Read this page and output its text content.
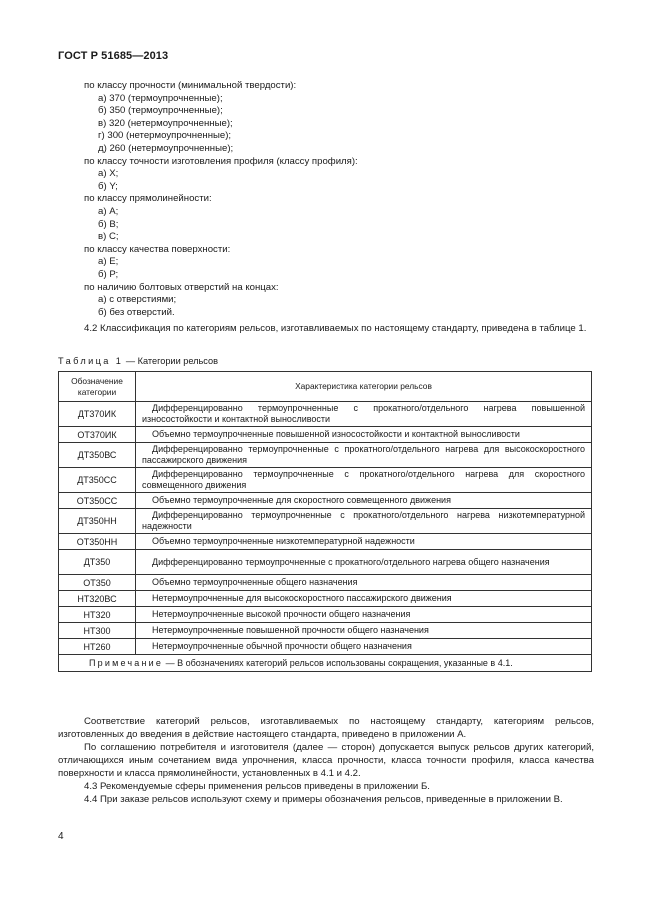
ГОСТ Р 51685—2013
по классу прочности (минимальной твердости):
а) 370 (термоупрочненные);
б) 350 (термоупрочненные);
в) 320 (нетермоупрочненные);
г) 300 (нетермоупрочненные);
д) 260 (нетермоупрочненные);
по классу точности изготовления профиля (классу профиля):
а) X;
б) Y;
по классу прямолинейности:
а) А;
б) В;
в) С;
по классу качества поверхности:
а) Е;
б) Р;
по наличию болтовых отверстий на концах:
а) с отверстиями;
б) без отверстий.
4.2 Классификация по категориям рельсов, изготавливаемых по настоящему стандарту, приведена в таблице 1.
Таблица 1 — Категории рельсов
Обозначение категории	Характеристика категории рельсов
ДТ370ИК	Дифференцированно термоупрочненные с прокатного/отдельного нагрева повышенной износостойкости и контактной выносливости
ОТ370ИК	Объемно термоупрочненные повышенной износостойкости и контактной выносливости
ДТ350ВС	Дифференцированно термоупрочненные с прокатного/отдельного нагрева для высокоскоростного пассажирского движения
ДТ350СС	Дифференцированно термоупрочненные с прокатного/отдельного нагрева для скоростного совмещенного движения
ОТ350СС	Объемно термоупрочненные для скоростного совмещенного движения
ДТ350НН	Дифференцированно термоупрочненные с прокатного/отдельного нагрева низкотемпературной надежности
ОТ350НН	Объемно термоупрочненные низкотемпературной надежности
ДТ350	Дифференцированно термоупрочненные с прокатного/отдельного нагрева общего назначения
ОТ350	Объемно термоупрочненные общего назначения
НТ320ВС	Нетермоупрочненные для высокоскоростного пассажирского движения
НТ320	Нетермоупрочненные высокой прочности общего назначения
НТ300	Нетермоупрочненные повышенной прочности общего назначения
НТ260	Нетермоупрочненные обычной прочности общего назначения
Примечание — В обозначениях категорий рельсов использованы сокращения, указанные в 4.1.	
Соответствие категорий рельсов, изготавливаемых по настоящему стандарту, категориям рельсов, изготовленных до введения в действие настоящего стандарта, приведено в приложении А.
По соглашению потребителя и изготовителя (далее — сторон) допускается выпуск рельсов других категорий, отличающихся иным сочетанием вида упрочнения, класса прочности, класса точности профиля, класса качества поверхности и класса прямолинейности, установленных в 4.1 и 4.2.
4.3 Рекомендуемые сферы применения рельсов приведены в приложении Б.
4.4 При заказе рельсов используют схему и примеры обозначения рельсов, приведенные в приложении В.
4
